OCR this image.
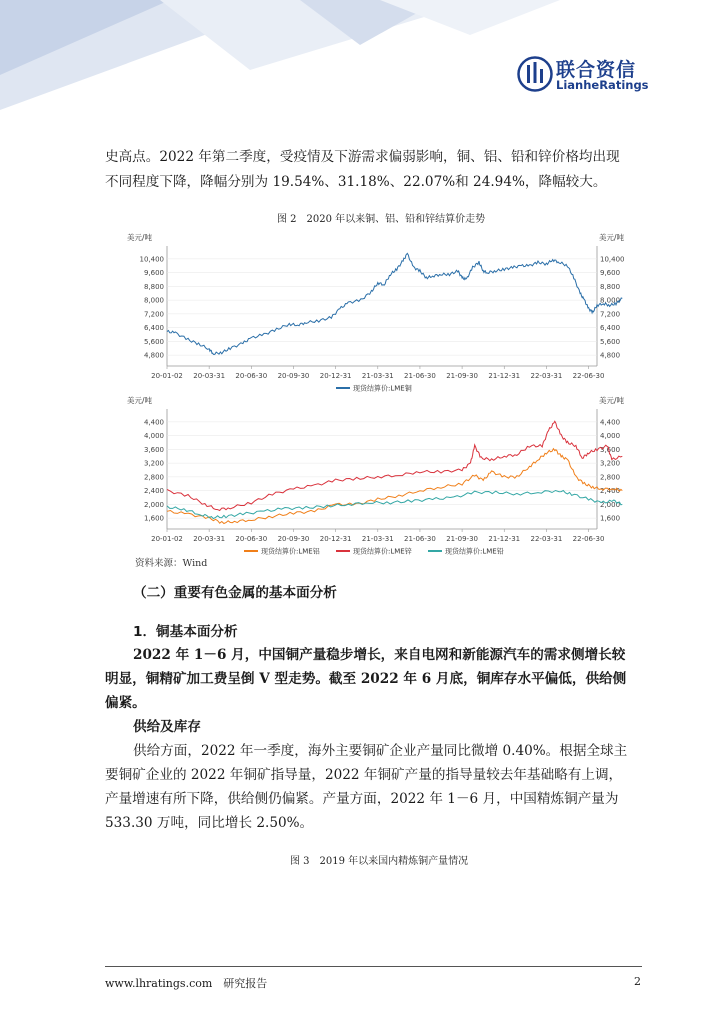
联合资信
LianheRatings
史高点。2022 年第二季度，受疫情及下游需求偏弱影响，铜、铝、铅和锌价格均出现
不同程度下降，降幅分别为 19.54%、31.18%、22.07%和 24.94%，降幅较大。
图 2　2020 年以来铜、铝、铅和锌结算价走势
美元/吨	美元/吨
4,800	4,800
5,600	5,600
6,400	6,400
7,200	7,200
8,000	8,000
8,800	8,800
9,600	9,600
10,400	10,400
20-01-02 20-03-31 20-06-30 20-09-30 20-12-31 21-03-31 21-06-30 21-09-30 21-12-31 22-03-31 22-06-30
现货结算价:LME铜
美元/吨	美元/吨
1,600	1,600
2,000	2,000
2,400	2,400
2,800	2,800
3,200	3,200
3,600	3,600
4,000	4,000
4,400	4,400
20-01-02 20-03-31 20-06-30 20-09-30 20-12-31 21-03-31 21-06-30 21-09-30 21-12-31 22-03-31 22-06-30
现货结算价:LME铝	现货结算价:LME锌	现货结算价:LME铅
资料来源：Wind
（二）重要有色金属的基本面分析
1．铜基本面分析
2022 年 1－6 月，中国铜产量稳步增长，来自电网和新能源汽车的需求侧增长较
明显，铜精矿加工费呈倒 V 型走势。截至 2022 年 6 月底，铜库存水平偏低，供给侧
偏紧。
供给及库存
供给方面，2022 年一季度，海外主要铜矿企业产量同比微增 0.40%。根据全球主
要铜矿企业的 2022 年铜矿指导量，2022 年铜矿产量的指导量较去年基础略有上调，
产量增速有所下降，供给侧仍偏紧。产量方面，2022 年 1－6 月，中国精炼铜产量为
533.30 万吨，同比增长 2.50%。
图 3　2019 年以来国内精炼铜产量情况
www.lhratings.com　研究报告	2
